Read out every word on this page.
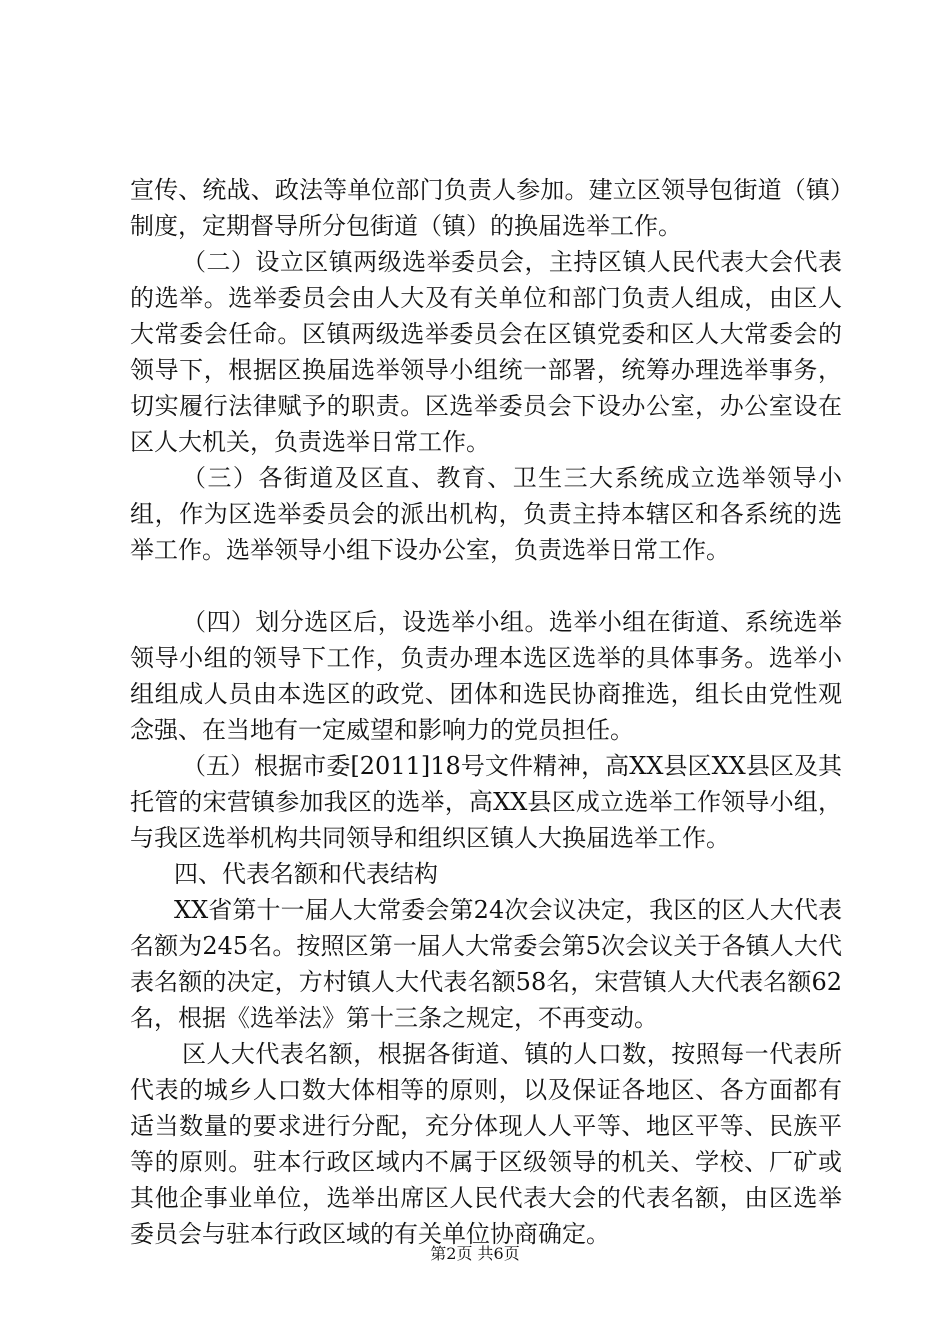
宣传、统战、政法等单位部门负责人参加。建立区领导包街道（镇）制度，定期督导所分包街道（镇）的换届选举工作。

（二）设立区镇两级选举委员会，主持区镇人民代表大会代表的选举。选举委员会由人大及有关单位和部门负责人组成，由区人大常委会任命。区镇两级选举委员会在区镇党委和区人大常委会的领导下，根据区换届选举领导小组统一部署，统筹办理选举事务，切实履行法律赋予的职责。区选举委员会下设办公室，办公室设在区人大机关，负责选举日常工作。

（三）各街道及区直、教育、卫生三大系统成立选举领导小组，作为区选举委员会的派出机构，负责主持本辖区和各系统的选举工作。选举领导小组下设办公室，负责选举日常工作。

（四）划分选区后，设选举小组。选举小组在街道、系统选举领导小组的领导下工作，负责办理本选区选举的具体事务。选举小组组成人员由本选区的政党、团体和选民协商推选，组长由党性观念强、在当地有一定威望和影响力的党员担任。

（五）根据市委[2011]18号文件精神，高XX县区XX县区及其托管的宋营镇参加我区的选举，高XX县区成立选举工作领导小组，与我区选举机构共同领导和组织区镇人大换届选举工作。

四、代表名额和代表结构

XX省第十一届人大常委会第24次会议决定，我区的区人大代表名额为245名。按照区第一届人大常委会第5次会议关于各镇人大代表名额的决定，方村镇人大代表名额58名，宋营镇人大代表名额62名，根据《选举法》第十三条之规定，不再变动。

区人大代表名额，根据各街道、镇的人口数，按照每一代表所代表的城乡人口数大体相等的原则，以及保证各地区、各方面都有适当数量的要求进行分配，充分体现人人平等、地区平等、民族平等的原则。驻本行政区域内不属于区级领导的机关、学校、厂矿或其他企事业单位，选举出席区人民代表大会的代表名额，由区选举委员会与驻本行政区域的有关单位协商确定。

第2页 共6页
